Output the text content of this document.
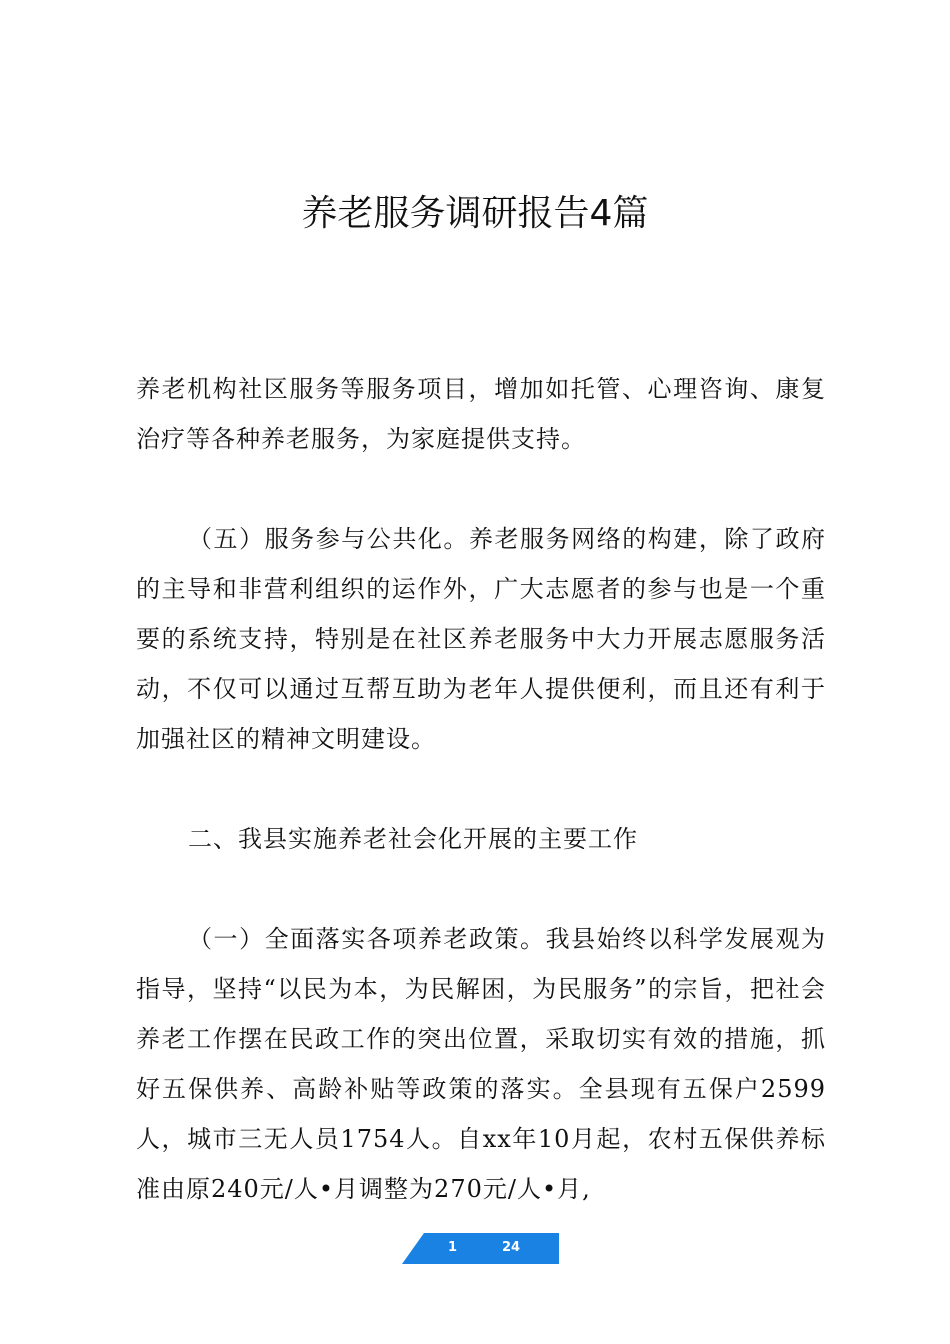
养老服务调研报告4篇

养老机构社区服务等服务项目，增加如托管、心理咨询、康复治疗等各种养老服务，为家庭提供支持。

（五）服务参与公共化。养老服务网络的构建，除了政府的主导和非营利组织的运作外，广大志愿者的参与也是一个重要的系统支持，特别是在社区养老服务中大力开展志愿服务活动，不仅可以通过互帮互助为老年人提供便利，而且还有利于加强社区的精神文明建设。

二、我县实施养老社会化开展的主要工作

（一）全面落实各项养老政策。我县始终以科学发展观为指导，坚持“以民为本，为民解困，为民服务”的宗旨，把社会养老工作摆在民政工作的突出位置，采取切实有效的措施，抓好五保供养、高龄补贴等政策的落实。全县现有五保户2599人，城市三无人员1754人。自xx年10月起，农村五保供养标准由原240元/人•月调整为270元/人•月,

1	24
